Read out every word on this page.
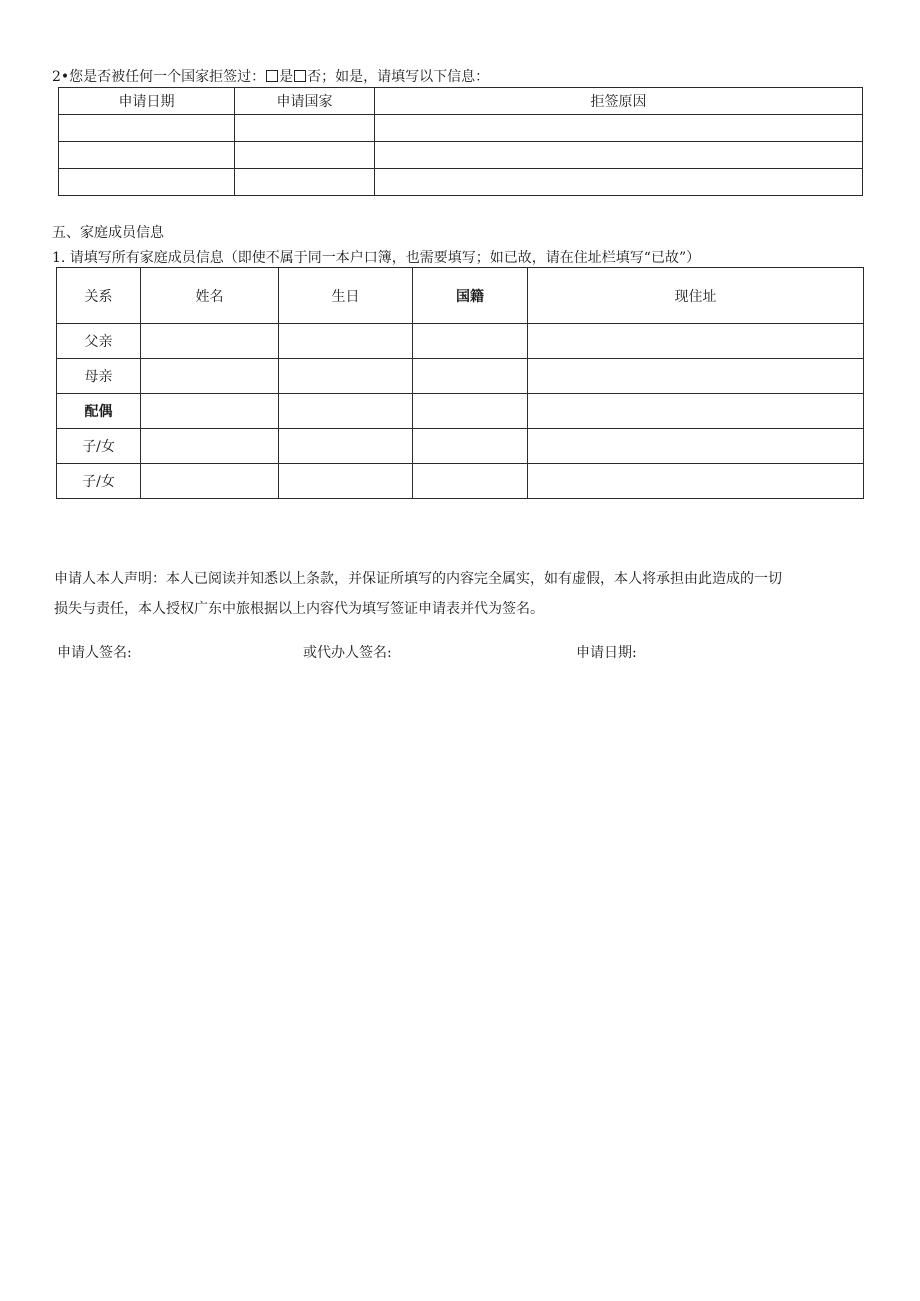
2•您是否被任何一个国家拒签过： 是 否；如是，请填写以下信息：
申请日期	申请国家	拒签原因

五、家庭成员信息
1. 请填写所有家庭成员信息（即使不属于同一本户口簿，也需要填写；如已故，请在住址栏填写“已故”）
关系	姓名	生日	国籍	现住址
父亲				
母亲				
配偶				
子/女				
子/女				
申请人本人声明：本人已阅读并知悉以上条款，并保证所填写的内容完全属实，如有虚假，本人将承担由此造成的一切
损失与责任，本人授权广东中旅根据以上内容代为填写签证申请表并代为签名。
申请人签名:	或代办人签名:	申请日期:
